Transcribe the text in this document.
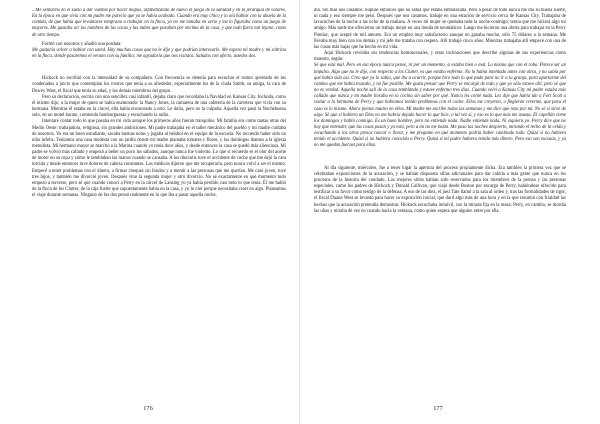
...Me sentaréis en el suelo a dar vueltas por hacer mapas, alfabetizando de nuevo el juego de la sanidad y en la jerarquía de valores. En la época en que vivía con mi padre me pareció que ya se había acabado. Cuando era muy chico y lo oía hablar con la abuela de la comida, de que había que levantarse temprano a trabajar en la finca, yo no me tomaba en serio y me lo figuraba como un juego de mayores. Me gustaba oír los nombres de las vacas y las nubes que pasaban por encima de la casa, y que todo fuera tan lejano, como de otro tiempo.

Formó con nosotros y añadió una posdata:

Me gustaría volver a hablar con usted. Hay muchas cosas que no le dije y que podrían interesarle. Me espera mi madre y mi sobrina en la finca, donde pasaremos el verano con su familia; me agradaría que nos visitara. Saludos con afecto, ustedes dos.

Hickock no escribió con la intensidad de su compañero. Con frecuencia se detenía para escuchar el rumor ajetreado de los condenados a juicio que contemplan los rostros que tenía a su alrededor, especialmente los de la viuda Smith, su amiga, la cara de Dewey West, el fiscal que tenía su edad, y los demás miembros del grupo.

Pero su declaración, escrita con una sencillez casi infantil, dejaba claro que recordaba la Navidad en Kansas City. Incluida, como él mismo dijo, a la mujer de quien se había enamorado: la Nancy Jones, la camarera de una cafetería de la carretera que vivía con su hermana. Mientras él estaba en la cárcel, ella había encontrado a otro. Le dolía, pero no la culpaba. Aquella vez pasó la Nochebuena solo, en un motel barato, comiendo hamburguesas y escuchando la radio.

Intentaré contar todo lo que pasaba en mi vida aunque los primeros años fueran tranquilos. Mi familia era como tantas otras del Medio Oeste: trabajadora, religiosa, sin grandes ambiciones. Mi padre trabajaba en el taller mecánico del pueblo y mi madre cuidaba de nosotros. Yo era un buen estudiante, sacaba buenas notas y jugaba al béisbol en el equipo de la escuela. No recuerdo haber sido un niño infeliz. Teníamos una casa modesta con un jardín donde mi madre plantaba tomates y flores, y los domingos íbamos a la iglesia metodista. Mi hermano mayor se marchó a la Marina cuando yo tenía doce años, y desde entonces la casa se quedó más silenciosa. Mi padre se volvió más callado y empezó a beber un poco los sábados, aunque nunca fue violento. Lo que sí recuerdo es el olor del aceite de motor en su ropa y cómo le temblaban las manos cuando se cansaba. A los dieciséis tuve el accidente de coche que me dejó la cara torcida y desde entonces tuve dolores de cabeza constantes. Los médicos dijeron que me recuperaría, pero nunca volví a ser el mismo. Empecé a tener problemas con el dinero, a firmar cheques sin fondos y a mentir a las personas que me querían. Me casé joven, tuve tres hijos, y también me divorcié joven. Después vino la segunda mujer y otro divorcio. No sé exactamente en qué momento todo empezó a torcerse, pero sé que cuando conocí a Perry en la cárcel de Lansing yo ya había perdido casi todo lo que tenía. Él me habló de la finca de los Clutter, de la caja fuerte que supuestamente había en la casa, y yo lo creí porque necesitaba creer en algo. Planeamos el viaje durante semanas. Ninguno de los dos pensó realmente en lo que iba a pasar aquella noche.

176

día. Sin más nos casamos. Supuse entonces que no sabía que estaba embarazada. Pero a pesar de todo nunca me dio su buena suerte, ni nada y eso siempre me pesó. Después que nos casamos, trabajé en una estación de servicio cerca de Kansas City. Trabajaba de lavacoches de la noche a las ocho de la mañana. A veces mi mujer se quedaba toda la noche conmigo; temía que me hiciera algo mi amigo. Más tarde me ofrecieron un trabajo mejor en una tienda de neumáticos. Luego me hicieron una oferta para trabajar en la Perry Pontiac, que acepté de mil amores. Era un empleo muy satisfactorio aunque no ganaba mucho, sólo 75 dólares a la semana. Me llevaba muy bien con los demás y mi jefe me trataba con respeto. Allí trabajé cinco años. Mientras trabajaba allí empecé con una de las cosas más bajas que he hecho en mi vida.

Aquí Hickock revelaba sus tendencias homosexuales, y otras inclinaciones que describe algunas de sus experiencias como maestro, según:

Sé que está mal. Pero en esa época nunca pensé, ni por un momento, si estaba bien o mal. Lo mismo que con el robo. Parece ser un impulso. Algo que no le dije, con respecto a los Clutter, es que estaba enfermo. No lo había intentado antes con otros, y no sabía por qué había sido así. Creo que ya lo sabía, que iba a ocurrir, porque hice todo lo que pude para no ir a la granja, para apartarme del camino que me había trazado, y no fue posible. Me gusta pensar que Perry se encargó de todo y que yo sólo estuve allí, pero sé que no es verdad. Aquella noche salí de la casa temblando y estuve enfermo tres días. Cuando volví a Kansas City mi padre estaba más callado que nunca y mi madre lloraba en la cocina sin saber por qué. Nunca les conté nada. Les dije que había ido a Fort Scott a visitar a la hermana de Perry y que habíamos tenido problemas con el coche. Ellos me creyeron, o fingieron creerme, que para el caso es lo mismo. Ahora pienso mucho en ellos. Mi madre me escribe todas las semanas y me dice que reza por mí. No sé si sirve de algo. Sé que si hubiera un Dios no me habría dejado hacer lo que hice, o tal vez sí, y eso es lo que más me asusta. El capellán viene los domingos y habla conmigo. Es un buen hombre, pero no entiende nada. Nadie entiende nada. Ni siquiera yo. Perry dice que no hay que entender, que las cosas pasan y ya está, pero a mí no me basta. Me paso las noches despierto, mirando el techo de la celda y escuchando a los otros presos roncar o llorar, y me pregunto en qué momento podría haber cambiado todo. Quizá si no hubiera tenido el accidente. Quizá si no hubiera conocido a Perry. Quizá si mi padre hubiera tenido más dinero. Pero eso son excusas, y ya no me quedan fuerzas para ellas.

Al día siguiente, miércoles, fue a tener lugar la apertura del proceso propiamente dicha. Era también la primera vez que se celebraban exposiciones de la acusación, y se habían dispuesto sillas adicionales para dar cabida a más gente que nunca en los procesos de la historia del condado. Los mejores sitios habían sido reservados para los miembros de la prensa y las personas especiales, como los padres de Hickock y Donald Cullivan, que viajó desde Boston por encargo de Perry, habiéndose ofrecido para testificar a su favor como testigo de la defensa. A eso de las diez, el juez Tate llamó a la sala al orden y, tras las formalidades de rigor, el fiscal Duane West se levantó para hacer su exposición inicial, que duró algo más de una hora y en la que resumió con frialdad los hechos que la acusación pretendía demostrar. Hickock escuchaba inmóvil, con la mirada fija en la mesa; Perry, en cambio, se mordía las uñas y miraba de vez en cuando hacia la ventana, como quien espera que alguien entre por ella.

177
